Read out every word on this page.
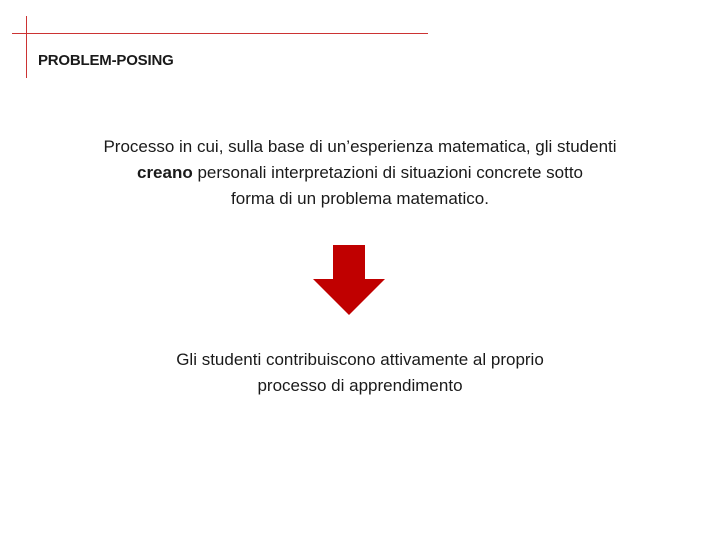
PROBLEM-POSING
Processo in cui, sulla base di un’esperienza matematica, gli studenti
creano personali interpretazioni di situazioni concrete sotto
forma di un problema matematico.
Gli studenti contribuiscono attivamente al proprio
processo di apprendimento
